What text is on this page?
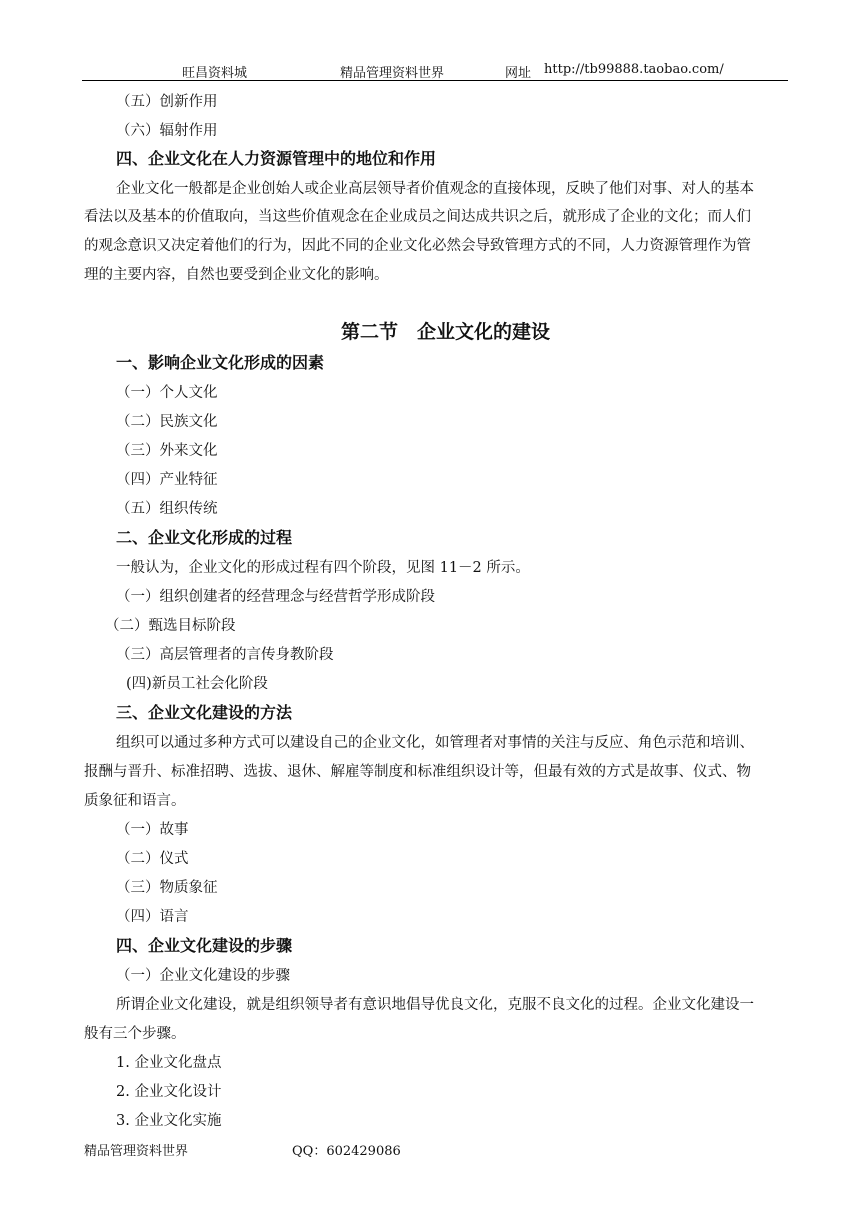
旺昌资料城	精品管理资料世界	网址 http://tb99888.taobao.com/
（五）创新作用
（六）辐射作用
四、企业文化在人力资源管理中的地位和作用
企业文化一般都是企业创始人或企业高层领导者价值观念的直接体现，反映了他们对事、对人的基本
看法以及基本的价值取向，当这些价值观念在企业成员之间达成共识之后，就形成了企业的文化；而人们
的观念意识又决定着他们的行为，因此不同的企业文化必然会导致管理方式的不同，人力资源管理作为管
理的主要内容，自然也要受到企业文化的影响。
第二节　企业文化的建设
一、影响企业文化形成的因素
（一）个人文化
（二）民族文化
（三）外来文化
（四）产业特征
（五）组织传统
二、企业文化形成的过程
一般认为，企业文化的形成过程有四个阶段，见图 11－2 所示。
（一）组织创建者的经营理念与经营哲学形成阶段
（二）甄选目标阶段
（三）高层管理者的言传身教阶段
(四)新员工社会化阶段
三、企业文化建设的方法
组织可以通过多种方式可以建设自己的企业文化，如管理者对事情的关注与反应、角色示范和培训、
报酬与晋升、标准招聘、选拔、退休、解雇等制度和标准组织设计等，但最有效的方式是故事、仪式、物
质象征和语言。
（一）故事
（二）仪式
（三）物质象征
（四）语言
四、企业文化建设的步骤
（一）企业文化建设的步骤
所谓企业文化建设，就是组织领导者有意识地倡导优良文化，克服不良文化的过程。企业文化建设一
般有三个步骤。
1. 企业文化盘点
2. 企业文化设计
3. 企业文化实施
精品管理资料世界	QQ：602429086
